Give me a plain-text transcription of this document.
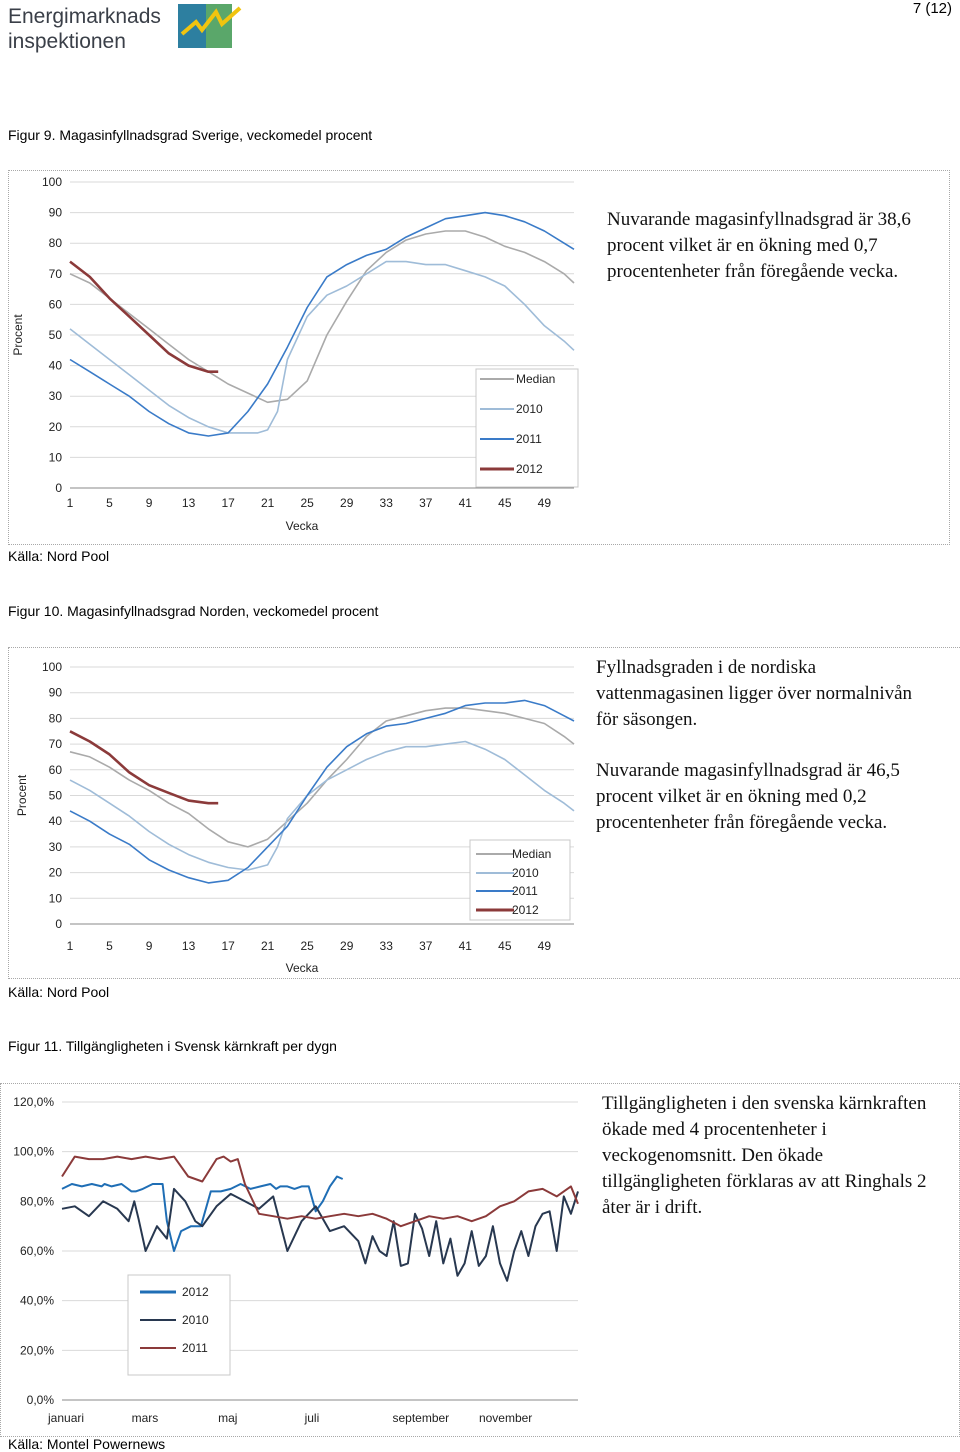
Energimarknads
inspektionen
7 (12)
Figur 9. Magasinfyllnadsgrad Sverige, veckomedel procent
0
10
20
30
40
50
60
70
80
90
100
1	5	9 13 17 21 25 29 33 37 41 45 49
Vecka
Procent
Median
2010
2011
2012
Nuvarande magasinfyllnadsgrad är 38,6 procent vilket är en ökning med 0,7 procentenheter från föregående vecka.
Källa: Nord Pool
Figur 10. Magasinfyllnadsgrad Norden, veckomedel procent
0
10
20
30
40
50
60
70
80
90
100
1	5	9 13 17 21 25 29 33 37 41 45 49
Vecka
Procent
Median
2010
2011
2012
Fyllnadsgraden i de nordiska vattenmagasinen ligger över normalnivån för säsongen.
Nuvarande magasinfyllnadsgrad är 46,5 procent vilket är en ökning med 0,2 procentenheter från föregående vecka.
Källa: Nord Pool
Figur 11. Tillgängligheten i Svensk kärnkraft per dygn
0,0%
20,0%
40,0%
60,0%
80,0%
100,0%
120,0%
januari	mars	maj	juli	september november
2012
2010
2011
Tillgängligheten i den svenska kärnkraften ökade med 4 procentenheter i veckogenomsnitt. Den ökade tillgängligheten förklaras av att Ringhals 2 åter är i drift.
Källa: Montel Powernews
